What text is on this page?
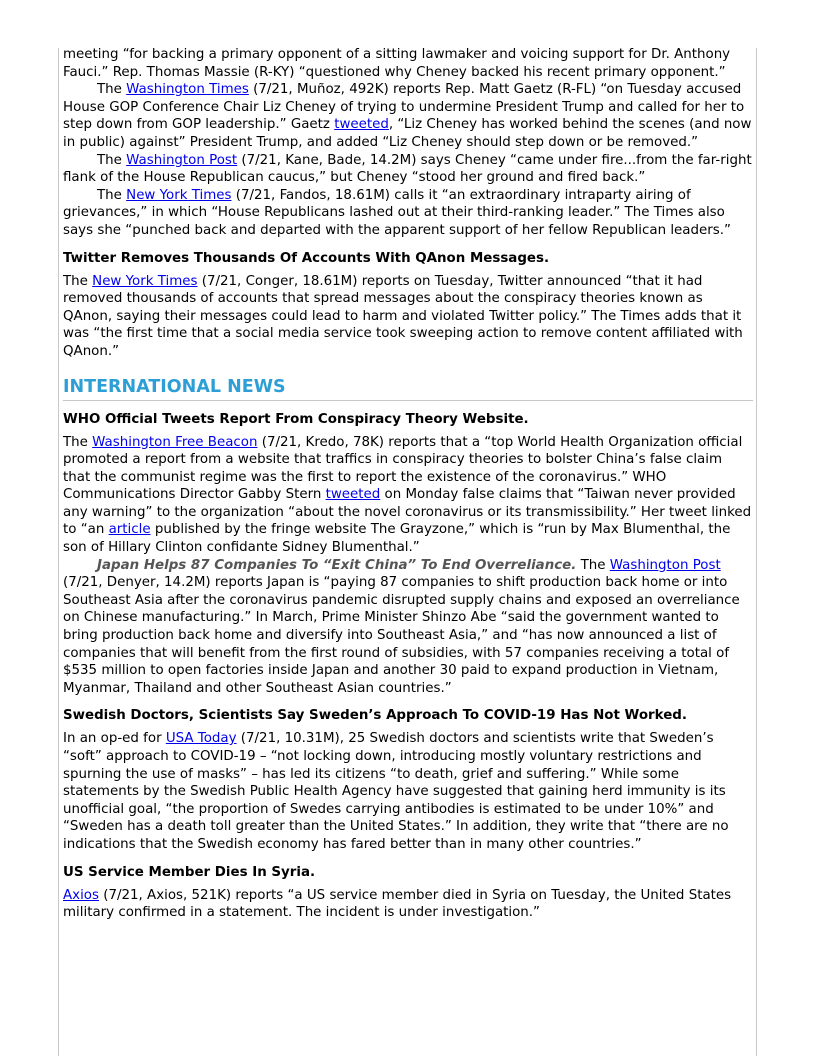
meeting “for backing a primary opponent of a sitting lawmaker and voicing support for Dr. Anthony Fauci.” Rep. Thomas Massie (R-KY) “questioned why Cheney backed his recent primary opponent.”

The Washington Times (7/21, Muñoz, 492K) reports Rep. Matt Gaetz (R-FL) “on Tuesday accused House GOP Conference Chair Liz Cheney of trying to undermine President Trump and called for her to step down from GOP leadership.” Gaetz tweeted, “Liz Cheney has worked behind the scenes (and now in public) against” President Trump, and added “Liz Cheney should step down or be removed.”

The Washington Post (7/21, Kane, Bade, 14.2M) says Cheney “came under fire...from the far-right flank of the House Republican caucus,” but Cheney “stood her ground and fired back.”

The New York Times (7/21, Fandos, 18.61M) calls it “an extraordinary intraparty airing of grievances,” in which “House Republicans lashed out at their third-ranking leader.” The Times also says she “punched back and departed with the apparent support of her fellow Republican leaders.”

Twitter Removes Thousands Of Accounts With QAnon Messages.

The New York Times (7/21, Conger, 18.61M) reports on Tuesday, Twitter announced “that it had removed thousands of accounts that spread messages about the conspiracy theories known as QAnon, saying their messages could lead to harm and violated Twitter policy.” The Times adds that it was “the first time that a social media service took sweeping action to remove content affiliated with QAnon.”

INTERNATIONAL NEWS
WHO Official Tweets Report From Conspiracy Theory Website.

The Washington Free Beacon (7/21, Kredo, 78K) reports that a “top World Health Organization official promoted a report from a website that traffics in conspiracy theories to bolster China’s false claim that the communist regime was the first to report the existence of the coronavirus.” WHO Communications Director Gabby Stern tweeted on Monday false claims that “Taiwan never provided any warning” to the organization “about the novel coronavirus or its transmissibility.” Her tweet linked to “an article published by the fringe website The Grayzone,” which is “run by Max Blumenthal, the son of Hillary Clinton confidante Sidney Blumenthal.”

Japan Helps 87 Companies To “Exit China” To End Overreliance. The Washington Post (7/21, Denyer, 14.2M) reports Japan is “paying 87 companies to shift production back home or into Southeast Asia after the coronavirus pandemic disrupted supply chains and exposed an overreliance on Chinese manufacturing.” In March, Prime Minister Shinzo Abe “said the government wanted to bring production back home and diversify into Southeast Asia,” and “has now announced a list of companies that will benefit from the first round of subsidies, with 57 companies receiving a total of $535 million to open factories inside Japan and another 30 paid to expand production in Vietnam, Myanmar, Thailand and other Southeast Asian countries.”

Swedish Doctors, Scientists Say Sweden’s Approach To COVID-19 Has Not Worked.

In an op-ed for USA Today (7/21, 10.31M), 25 Swedish doctors and scientists write that Sweden’s “soft” approach to COVID-19 – “not locking down, introducing mostly voluntary restrictions and spurning the use of masks” – has led its citizens “to death, grief and suffering.” While some statements by the Swedish Public Health Agency have suggested that gaining herd immunity is its unofficial goal, “the proportion of Swedes carrying antibodies is estimated to be under 10%” and “Sweden has a death toll greater than the United States.” In addition, they write that “there are no indications that the Swedish economy has fared better than in many other countries.”

US Service Member Dies In Syria.

Axios (7/21, Axios, 521K) reports “a US service member died in Syria on Tuesday, the United States military confirmed in a statement. The incident is under investigation.”
